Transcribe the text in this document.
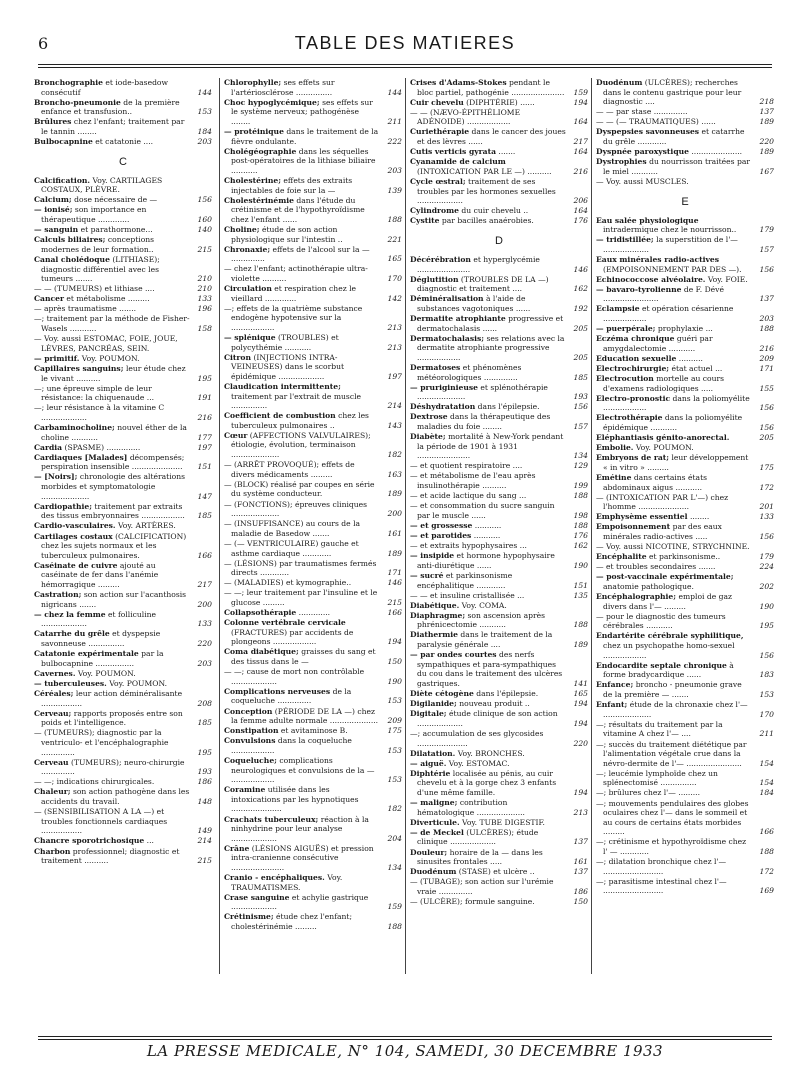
6	TABLE DES MATIERES
Bronchographie et iode-basedow consécutif	144
Broncho-pneumonie de la première enfance et transfusion..	153
Brûlures chez l'enfant; traitement par le tannin ........	184
Bulbocapnine et catatonie ....	203
C
Calcification. Voy. CARTILAGES COSTAUX, PLÈVRE.
Calcium; dose nécessaire de —	156
— ionisé; son importance en thérapeutique .............	160
— sanguin et parathormone...	140
Calculs biliaires; conceptions modernes de leur formation..	215
Canal cholédoque (LITHIASE); diagnostic différentiel avec les tumeurs .......	210
— — (TUMEURS) et lithiase ....	210
Cancer et métabolisme .........	133
— après traumatisme .......	196
—; traitement par la méthode de Fisher-Wasels ...........	158
— Voy. aussi ESTOMAC, FOIE, JOUE, LÈVRES, PANCRÉAS, SEIN.
— primitif. Voy. POUMON.
Capillaires sanguins; leur étude chez le vivant ..........	195
—; une épreuve simple de leur résistance: la chiquenaude ...	191
—; leur résistance à la vitamine C ...................	216
Carbaminocholine; nouvel éther de la choline ...........	177
Cardia (SPASME) ..............	197
Cardiaques [Malades] décompensés; perspiration insensible ..................... 151
— [Noirs]; chronologie des altérations morbides et symptomatologie ....................	147
Cardiopathie; traitement par extraits des tissus embryonnaires .................. 185
Cardio-vasculaires. Voy. ARTÈRES.
Cartilages costaux (CALCIFICATION) chez les sujets normaux et les tuberculeux pulmonaires.	166
Caséinate de cuivre ajouté au caséinate de fer dans l'anémie hémorragique .........	217
Castration; son action sur l'acanthosis nigricans .......	200
— chez la femme et folliculine ...................	133
Catarrhe du grêle et dyspepsie savonneuse ...............	220
Catatonie expérimentale par la bulbocapnine ................	203
Cavernes. Voy. POUMON.
— tuberculeuses. Voy. POUMON.
Céréales; leur action déminéralisante .................	208
Cerveau; rapports proposés entre son poids et l'intelligence.	185
— (TUMEURS); diagnostic par la ventriculo- et l'encéphalographie ..............	195
Cerveau (TUMEURS); neuro-chirurgie ..............	193
— —; indications chirurgicales.	186
Chaleur; son action pathogène dans les accidents du travail.	148
— (SENSIBILISATION A LA —) et troubles fonctionnels cardiaques .................	149
Chancre sporotrichosique ...	214
Charbon professionnel; diagnostic et traitement ..........	215
Chlorophylle; ses effets sur l'artériosclérose ...............	144
Choc hypoglycémique; ses effets sur le système nerveux; pathogénèse ........	211
— protéinique dans le traitement de la fièvre ondulante.	222
Cholégéographie dans les séquelles post-opératoires de la lithiase biliaire ...........	203
Cholestérine; effets des extraits injectables de foie sur la —	139
Cholestérinémie dans l'étude du crétinisme et de l'hypothyroïdisme chez l'enfant ......	188
Choline; étude de son action physiologique sur l'intestin ..	221
Chronaxie; effets de l'alcool sur la — ..............	165
— chez l'enfant; actinothérapie ultra-violette ..........	170
Circulation et respiration chez le vieillard .............	142
—; effets de la quatrième substance endogène hypotensive sur la ..................	213
— splénique (TROUBLES) et polycythémie ...........	213
Citron (INJECTIONS INTRA-VEINEUSES) dans le scorbut épidémique ...................	197
Claudication intermittente; traitement par l'extrait de muscle ...............	214
Coefficient de combustion chez les tuberculeux pulmonaires ..	143
Cœur (AFFECTIONS VALVULAIRES); étiologie, évolution, terminaison ....................	182
— (ARRÊT PROVOQUÉ); effets de divers médicaments .........	163
— (BLOCK) réalisé par coupes en série du système conducteur.	189
— (FONCTIONS); épreuves cliniques ....................	200
— (INSUFFISANCE) au cours de la maladie de Basedow .......	161
— (— VENTRICULAIRE) gauche et asthme cardiaque ............	189
— (LÉSIONS) par traumatismes fermés directs ............	171
— (MALADIES) et kymographie..	146
— —; leur traitement par l'insuline et le glucose .........	215
Collapsothérapie .............	166
Colonne vertébrale cervicale (FRACTURES) par accidents de plongeons ..................	194
Coma diabétique; graisses du sang et des tissus dans le —	150
— —; cause de mort non contrôlable ...................	190
Complications nerveuses de la coqueluche ..............	153
Conception (PÉRIODE DE LA —) chez la femme adulte normale .................... 209
Constipation et avitaminose B.	175
Convulsions dans la coqueluche ..................	153
Coqueluche; complications neurologiques et convulsions de la — ..................	153
Coramine utilisée dans les intoxications par les hypnotiques .....................	182
Crachats tuberculeux; réaction à la ninhydrine pour leur analyse ...................	204
Crâne (LÉSIONS AIGUËS) et pression intra-cranienne consécutive ......................	134
Cranio - encéphaliques. Voy. TRAUMATISMES.
Crase sanguine et achylie gastrique ...................	159
Crétinisme; étude chez l'enfant; cholestérinémie .........	188
Crises d'Adams-Stokes pendant le bloc partiel, pathogénie ...................... 159
Cuir chevelu (DIPHTÉRIE) ......	194
— — (NÆVO-ÉPITHÉLIOME ADÉNOIDE) ..................	164
Curiethérapie dans le cancer des joues et des lèvres ......	217
Cutis verticis gyrata .......	164
Cyanamide de calcium (INTOXICATION PAR LE —) ..........	216
Cycle œstral; traitement de ses troubles par les hormones sexuelles ...................	206
Cylindrome du cuir chevelu ..	164
Cystite par bacilles anaérobies.	176
D
Décérébration et hyperglycémie ......................	146
Déglutition (TROUBLES DE LA —) diagnostic et traitement ....	162
Déminéralisation à l'aide de substances vagotoniques ......	192
Dermatite atrophiante progressive et dermatochalasis ......	205
Dermatochalasis; ses relations avec la dermatite atrophiante progressive ..................	205
Dermatoses et phénomènes météorologiques ..............	185
— pruriginieuse et splénothérapie ....................	193
Déshydratation dans l'épilepsie.	156
Dextrose dans la thérapeutique des maladies du foie ........	157
Diabète; mortalité à New-York pendant la période de 1901 à 1931 ......................	134
— et quotient respiratoire ....	129
— et métabolisme de l'eau après insulinothérapie ..........	199
— et acide lactique du sang ...	188
— et consommation du sucre sanguin par le muscle ......	198
— et grossesse ...........	188
— et parotides ...........	176
— et extraits hypophysaires ...	162
— insipide et hormone hypophysaire anti-diurétique ......	190
— sucré et parkinsonisme encéphalitique ............	151
— — et insuline cristallisée ...	135
Diabétique. Voy. COMA.
Diaphragme; son ascension après phrénicectomie ...........	188
Diathermie dans le traitement de la paralysie générale ....	189
— par ondes courtes des nerfs sympathiques et para-sympathiques du cou dans le traitement des ulcères gastriques.	141
Diète cétogène dans l'épilepsie.	165
Digilanide; nouveau produit ..	194
Digitale; étude clinique de son action ...................	194
—; accumulation de ses glycosides .....................	220
Dilatation. Voy. BRONCHES.
— aiguë. Voy. ESTOMAC.
Diphtérie localisée au pénis, au cuir chevelu et à la gorge chez 3 enfants d'une même famille.	194
— maligne; contribution hématologique ....................	213
Diverticule. Voy. TUBE DIGESTIF.
— de Meckel (ULCÈRES); étude clinique ...................	137
Douleur; horaire de la — dans les sinusites frontales .....	161
Duodénum (STASE) et ulcère ..	137
— (TUBAGE); son action sur l'urémie vraie ..............	186
— (ULCÈRE); formule sanguine.	150
Duodénum (ULCÈRES); recherches dans le contenu gastrique pour leur diagnostic ....	218
— — par stase ..............	137
— — (— TRAUMATIQUES) ......	189
Dyspepsies savonneuses et catarrhe du grêle ............	220
Dyspnée paroxystique ..................... 189
Dystrophies du nourrisson traitées par le miel ...........	167
— Voy. aussi MUSCLES.
E
Eau salée physiologique intradermique chez le nourrisson..	179
— tridistillée; la superstition de l'— ...................	157
Eaux minérales radio-actives (EMPOISONNEMENT PAR DES —). 156
Echinococcose alvéolaire. Voy. FOIE.
— bavaro-tyrolienne de F. Dévé .......................	137
Eclampsie et opération césarienne ..................	203
— puerpérale; prophylaxie ...	188
Eczéma chronique guéri par amygdalectomie ...........	216
Education sexuelle ..........	209
Electrochirurgie; état actuel ...	171
Electrocution mortelle au cours d'examens radiologiques .....	155
Electro-pronostic dans la poliomyélite ..................	156
Electrothérapie dans la poliomyélite épidémique ...........	156
Eléphantiasis génito-anorectal.	205
Embolie. Voy. POUMON.
Embryons de rat; leur développement « in vitro » .........	175
Emétine dans certains états abdominaux aigus ...........	172
— (INTOXICATION PAR L'—) chez l'homme .....................	201
Emphysème essentiel ........	133
Empoisonnement par des eaux minérales radio-actives .....	156
— Voy. aussi NICOTINE, STRYCHNINE.
Encéphalite et parkinsonisme..	179
— et troubles secondaires .......	224
— post-vaccinale expérimentale; anatomie pathologique.	202
Encéphalographie; emploi de gaz divers dans l'— .........	190
— pour le diagnostic des tumeurs cérébrales ...........	195
Endartérite cérébrale syphilitique, chez un psychopathe homo-sexuel ..................	156
Endocardite septale chronique à forme bradycardique ......	183
Enfance; broncho - pneumonie grave de la première — .......	153
Enfant; étude de la chronaxie chez l'— ....................	170
—; résultats du traitement par la vitamine A chez l'— ....	211
—; succès du traitement diététique par l'alimentation végétale crue dans la névro-dermite de l'— ....................... 154
—; leucémie lymphoïde chez un splénectomisé ...............	154
—; brûlures chez l'— .........	184
—; mouvements pendulaires des globes oculaires chez l'— dans le sommeil et au cours de certains états morbides .........	166
—; crétinisme et hypothyroïdisme chez l' — ............	188
—; dilatation bronchique chez l'— .........................	172
—; parasitisme intestinal chez l'— .........................	169
LA PRESSE MEDICALE, N° 104, SAMEDI, 30 DECEMBRE 1933
